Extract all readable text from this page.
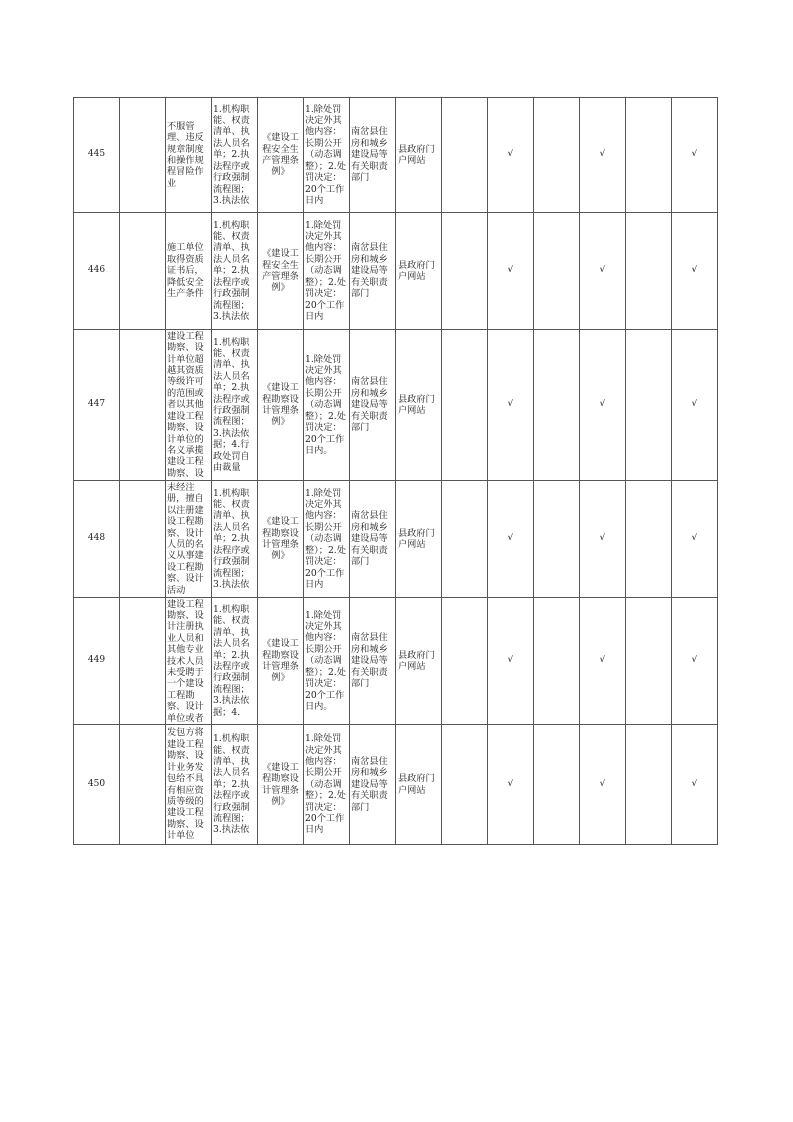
445		不服管理、违反规章制度和操作规程冒险作业	1.机构职能、权责清单、执法人员名单；2.执法程序或行政强制流程图；3.执法依	《建设工程安全生产管理条例》	1.除处罚决定外其他内容：长期公开（动态调整）；2.处罚决定：20个工作日内	南岔县住房和城乡建设局等有关职责部门	县政府门户网站		√		√		√	

446		施工单位取得资质证书后，降低安全生产条件	1.机构职能、权责清单、执法人员名单；2.执法程序或行政强制流程图；3.执法依	《建设工程安全生产管理条例》	1.除处罚决定外其他内容：长期公开（动态调整）；2.处罚决定：20个工作日内	南岔县住房和城乡建设局等有关职责部门	县政府门户网站		√		√		√	

447		建设工程勘察、设计单位超越其资质等级许可的范围或者以其他建设工程勘察、设计单位的名义承揽建设工程勘察、设	1.机构职能、权责清单、执法人员名单；2.执法程序或行政强制流程图；3.执法依据；4.行政处罚自由裁量	《建设工程勘察设计管理条例》	1.除处罚决定外其他内容：长期公开（动态调整）；2.处罚决定：20个工作日内。	南岔县住房和城乡建设局等有关职责部门	县政府门户网站		√		√		√	

448		未经注册，擅自以注册建设工程勘察、设计人员的名义从事建设工程勘察、设计活动	1.机构职能、权责清单、执法人员名单；2.执法程序或行政强制流程图；3.执法依	《建设工程勘察设计管理条例》	1.除处罚决定外其他内容：长期公开（动态调整）；2.处罚决定：20个工作日内	南岔县住房和城乡建设局等有关职责部门	县政府门户网站		√		√		√	

449		建设工程勘察、设计注册执业人员和其他专业技术人员未受聘于一个建设工程勘察、设计单位或者	1.机构职能、权责清单、执法人员名单；2.执法程序或行政强制流程图；3.执法依据；4.	《建设工程勘察设计管理条例》	1.除处罚决定外其他内容：长期公开（动态调整）；2.处罚决定：20个工作日内。	南岔县住房和城乡建设局等有关职责部门	县政府门户网站		√		√		√	

450		发包方将建设工程勘察、设计业务发包给不具有相应资质等级的建设工程勘察、设计单位	1.机构职能、权责清单、执法人员名单；2.执法程序或行政强制流程图；3.执法依	《建设工程勘察设计管理条例》	1.除处罚决定外其他内容：长期公开（动态调整）；2.处罚决定：20个工作日内	南岔县住房和城乡建设局等有关职责部门	县政府门户网站		√		√		√	
